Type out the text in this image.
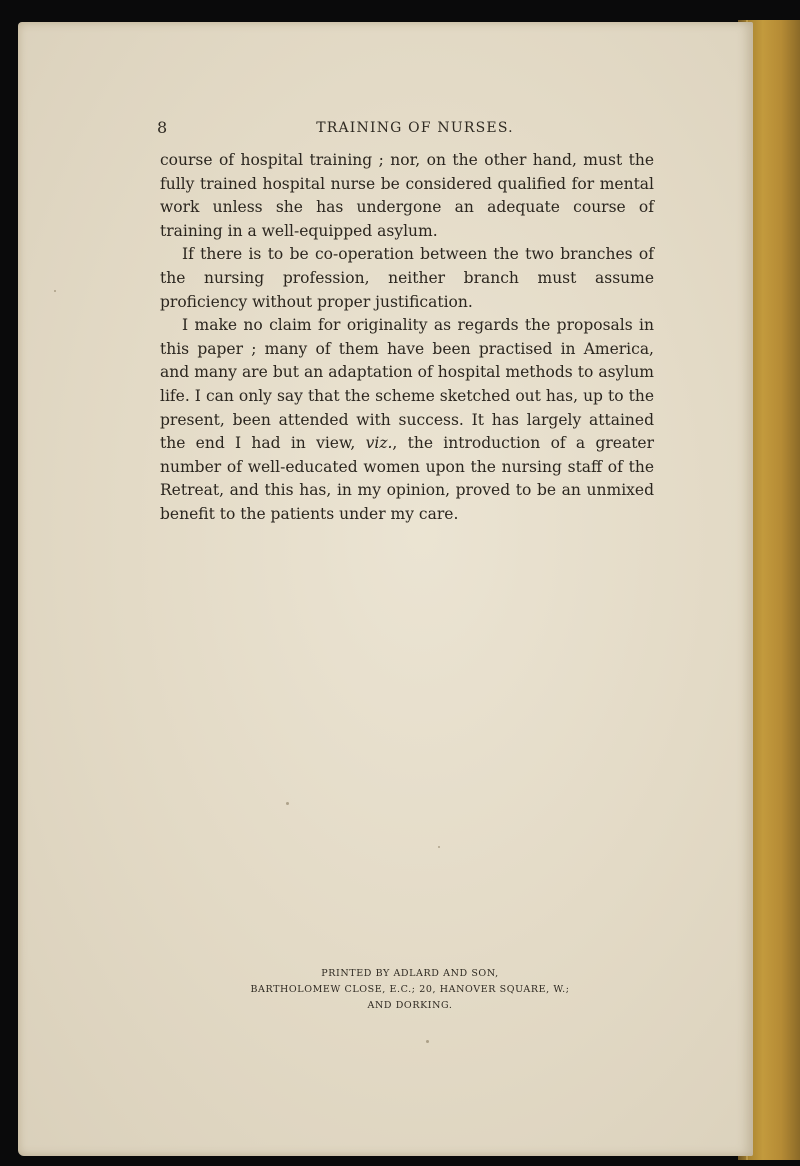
8	TRAINING OF NURSES.

course of hospital training ; nor, on the other hand, must the fully trained hospital nurse be considered qualified for mental work unless she has undergone an adequate course of training in a well-equipped asylum.

If there is to be co-operation between the two branches of the nursing profession, neither branch must assume proficiency without proper justification.

I make no claim for originality as regards the proposals in this paper ; many of them have been practised in America, and many are but an adaptation of hospital methods to asylum life. I can only say that the scheme sketched out has, up to the present, been attended with success. It has largely attained the end I had in view, viz., the introduction of a greater number of well-educated women upon the nursing staff of the Retreat, and this has, in my opinion, proved to be an unmixed benefit to the patients under my care.

PRINTED BY ADLARD AND SON,
BARTHOLOMEW CLOSE, E.C.; 20, HANOVER SQUARE, W.;
AND DORKING.
